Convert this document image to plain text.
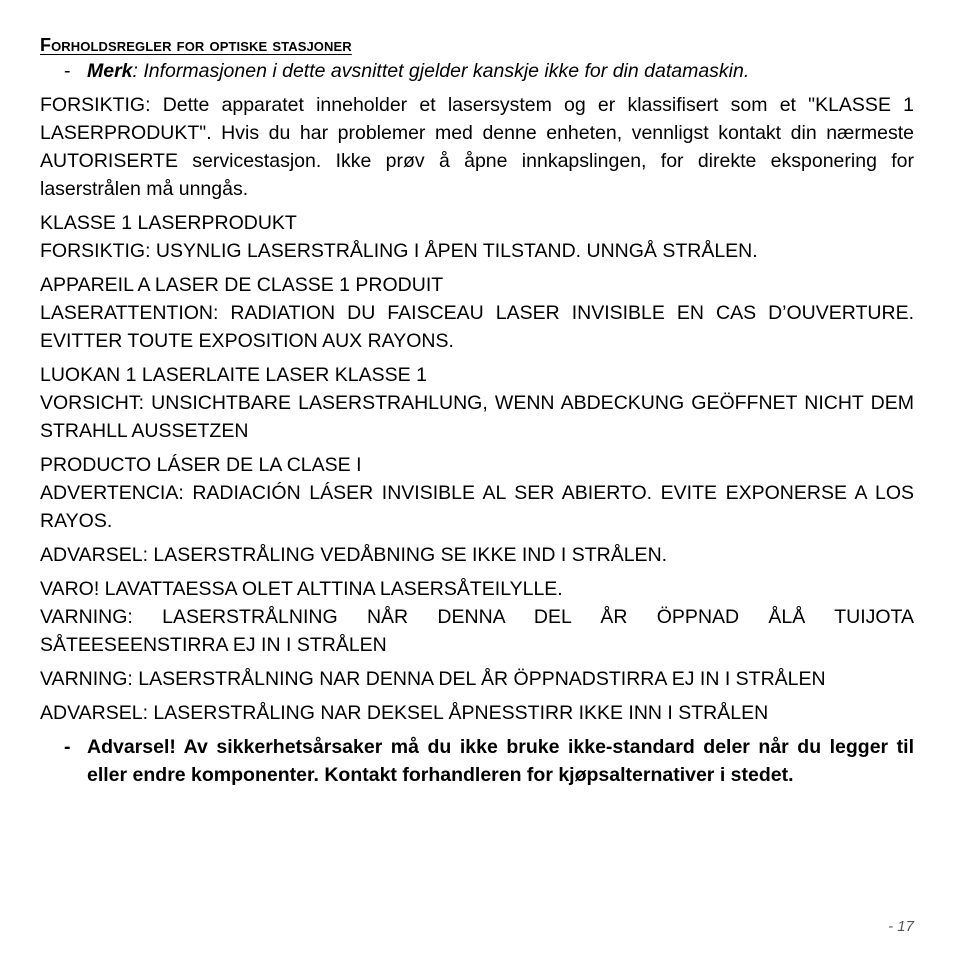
Forholdsregler for optiske stasjoner
- Merk: Informasjonen i dette avsnittet gjelder kanskje ikke for din datamaskin.

FORSIKTIG: Dette apparatet inneholder et lasersystem og er klassifisert som et "KLASSE 1 LASERPRODUKT". Hvis du har problemer med denne enheten, vennligst kontakt din nærmeste AUTORISERTE servicestasjon. Ikke prøv å åpne innkapslingen, for direkte eksponering for laserstrålen må unngås.

KLASSE 1 LASERPRODUKT

FORSIKTIG: USYNLIG LASERSTRÅLING I ÅPEN TILSTAND. UNNGÅ STRÅLEN.

APPAREIL A LASER DE CLASSE 1 PRODUIT

LASERATTENTION: RADIATION DU FAISCEAU LASER INVISIBLE EN CAS D’OUVERTURE. EVITTER TOUTE EXPOSITION AUX RAYONS.

LUOKAN 1 LASERLAITE LASER KLASSE 1

VORSICHT: UNSICHTBARE LASERSTRAHLUNG, WENN ABDECKUNG GEÖFFNET NICHT DEM STRAHLL AUSSETZEN

PRODUCTO LÁSER DE LA CLASE I

ADVERTENCIA: RADIACIÓN LÁSER INVISIBLE AL SER ABIERTO. EVITE EXPONERSE A LOS RAYOS.

ADVARSEL: LASERSTRÅLING VEDÅBNING SE IKKE IND I STRÅLEN.

VARO! LAVATTAESSA OLET ALTTINA LASERSÅTEILYLLE.

VARNING: LASERSTRÅLNING NÅR DENNA DEL ÅR ÖPPNAD ÅLÅ TUIJOTA SÅTEESEENSTIRRA EJ IN I STRÅLEN

VARNING: LASERSTRÅLNING NAR DENNA DEL ÅR ÖPPNADSTIRRA EJ IN I STRÅLEN

ADVARSEL: LASERSTRÅLING NAR DEKSEL ÅPNESSTIRR IKKE INN I STRÅLEN

- Advarsel! Av sikkerhetsårsaker må du ikke bruke ikke-standard deler når du legger til eller endre komponenter. Kontakt forhandleren for kjøpsalternativer i stedet.
- 17
